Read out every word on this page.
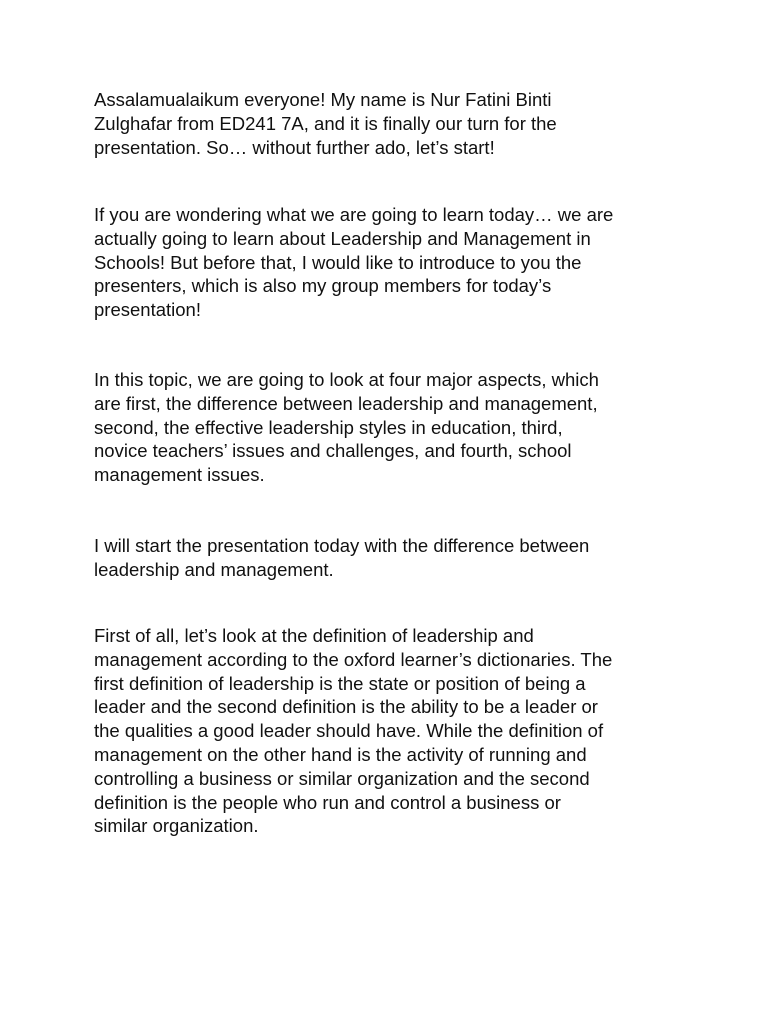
Assalamualaikum everyone! My name is Nur Fatini Binti
Zulghafar from ED241 7A, and it is finally our turn for the
presentation. So… without further ado, let’s start!

If you are wondering what we are going to learn today… we are
actually going to learn about Leadership and Management in
Schools! But before that, I would like to introduce to you the
presenters, which is also my group members for today’s
presentation!

In this topic, we are going to look at four major aspects, which
are first, the difference between leadership and management,
second, the effective leadership styles in education, third,
novice teachers’ issues and challenges, and fourth, school
management issues.

I will start the presentation today with the difference between
leadership and management.

First of all, let’s look at the definition of leadership and
management according to the oxford learner’s dictionaries. The
first definition of leadership is the state or position of being a
leader and the second definition is the ability to be a leader or
the qualities a good leader should have. While the definition of
management on the other hand is the activity of running and
controlling a business or similar organization and the second
definition is the people who run and control a business or
similar organization.
